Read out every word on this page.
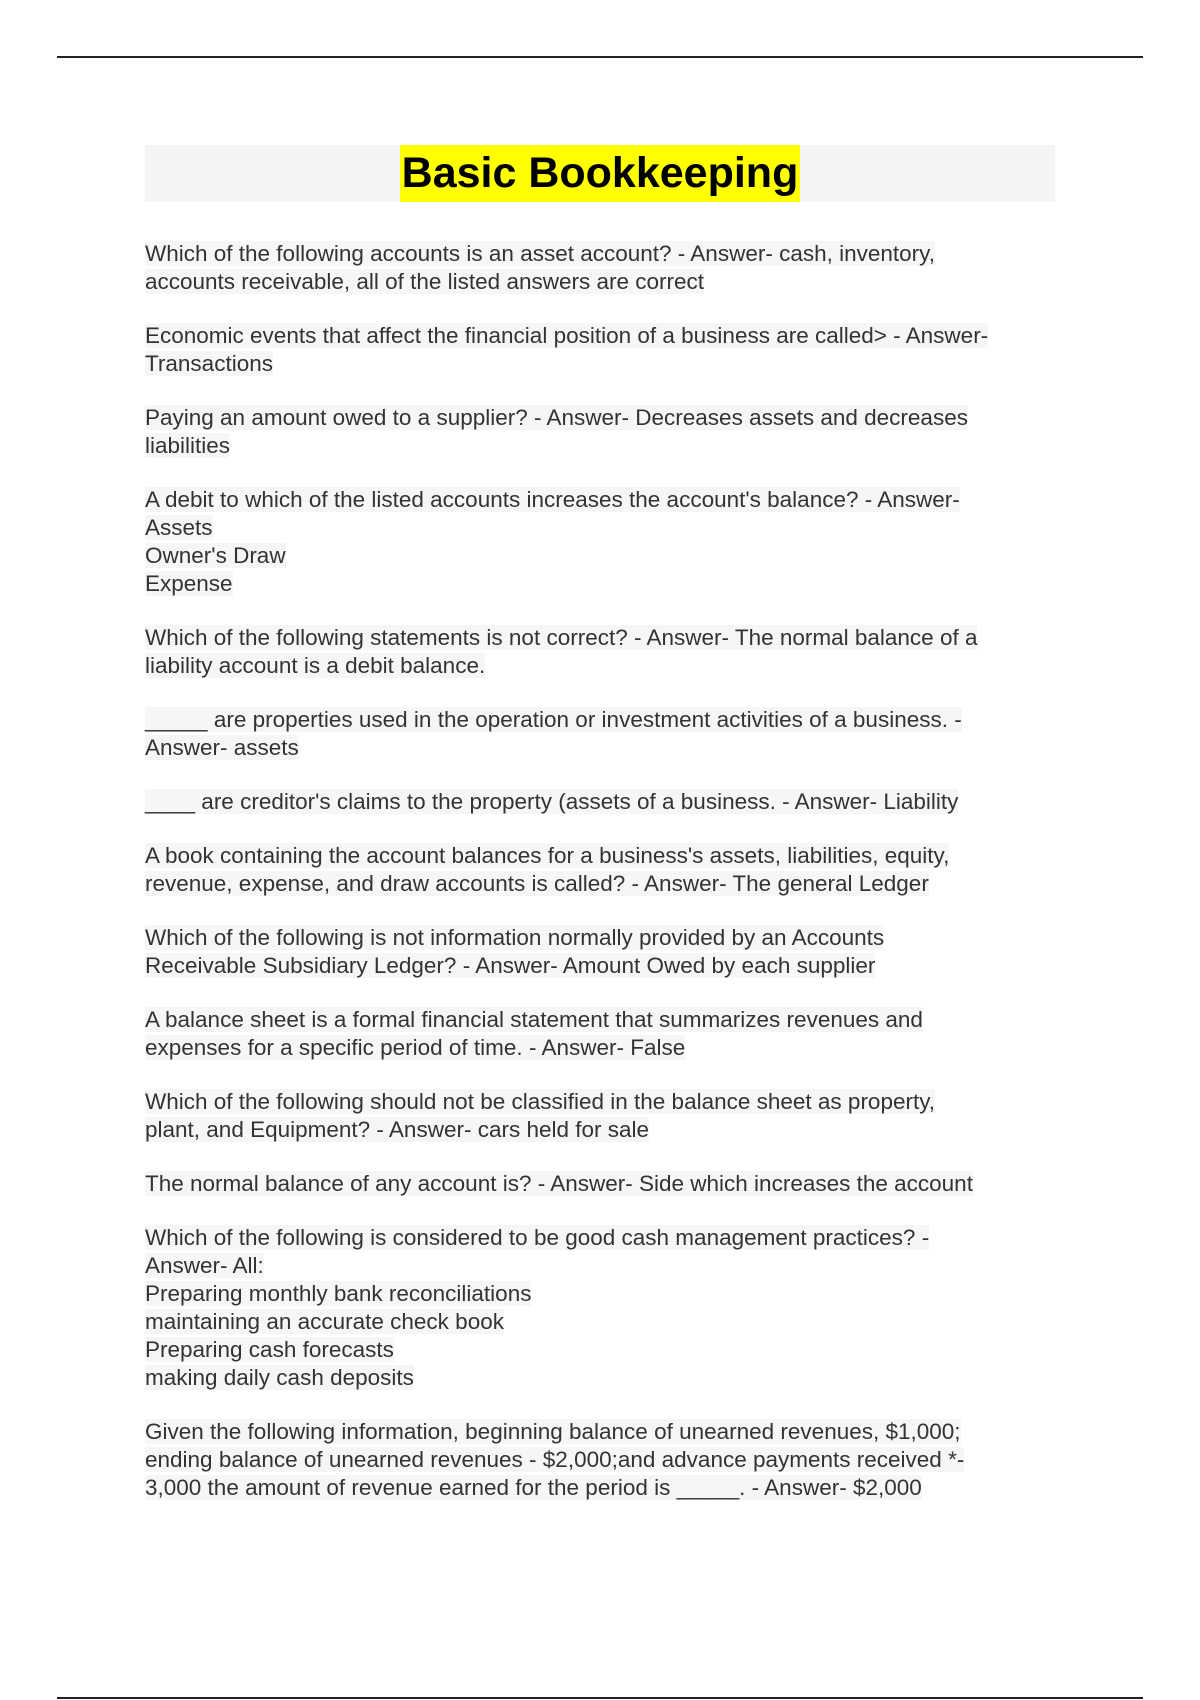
Basic Bookkeeping
Which of the following accounts is an asset account? - Answer- cash, inventory,
accounts receivable, all of the listed answers are correct
Economic events that affect the financial position of a business are called> - Answer-
Transactions
Paying an amount owed to a supplier? - Answer- Decreases assets and decreases
liabilities
A debit to which of the listed accounts increases the account's balance? - Answer-
Assets
Owner's Draw
Expense
Which of the following statements is not correct? - Answer- The normal balance of a
liability account is a debit balance.
_____ are properties used in the operation or investment activities of a business. -
Answer- assets
____ are creditor's claims to the property (assets of a business. - Answer- Liability
A book containing the account balances for a business's assets, liabilities, equity,
revenue, expense, and draw accounts is called? - Answer- The general Ledger
Which of the following is not information normally provided by an Accounts
Receivable Subsidiary Ledger? - Answer- Amount Owed by each supplier
A balance sheet is a formal financial statement that summarizes revenues and
expenses for a specific period of time. - Answer- False
Which of the following should not be classified in the balance sheet as property,
plant, and Equipment? - Answer- cars held for sale
The normal balance of any account is? - Answer- Side which increases the account
Which of the following is considered to be good cash management practices? -
Answer- All:
Preparing monthly bank reconciliations
maintaining an accurate check book
Preparing cash forecasts
making daily cash deposits
Given the following information, beginning balance of unearned revenues, $1,000;
ending balance of unearned revenues - $2,000;and advance payments received *-
3,000 the amount of revenue earned for the period is _____. - Answer- $2,000
